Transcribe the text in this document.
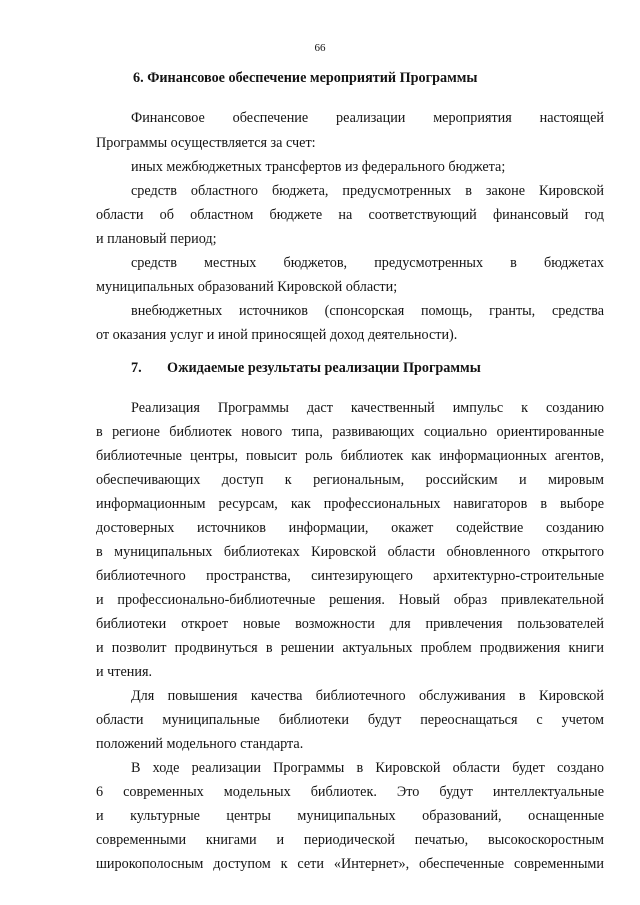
66
6. Финансовое обеспечение мероприятий Программы
Финансовое обеспечение реализации мероприятия настоящей
Программы осуществляется за счет:
иных межбюджетных трансфертов из федерального бюджета;
средств областного бюджета, предусмотренных в законе Кировской
области об областном бюджете на соответствующий финансовый год
и плановый период;
средств местных бюджетов, предусмотренных в бюджетах
муниципальных образований Кировской области;
внебюджетных источников (спонсорская помощь, гранты, средства
от оказания услуг и иной приносящей доход деятельности).
7. Ожидаемые результаты реализации Программы
Реализация Программы даст качественный импульс к созданию
в регионе библиотек нового типа, развивающих социально ориентированные
библиотечные центры, повысит роль библиотек как информационных агентов,
обеспечивающих доступ к региональным, российским и мировым
информационным ресурсам, как профессиональных навигаторов в выборе
достоверных источников информации, окажет содействие созданию
в муниципальных библиотеках Кировской области обновленного открытого
библиотечного пространства, синтезирующего архитектурно-строительные
и профессионально-библиотечные решения. Новый образ привлекательной
библиотеки откроет новые возможности для привлечения пользователей
и позволит продвинуться в решении актуальных проблем продвижения книги
и чтения.
Для повышения качества библиотечного обслуживания в Кировской
области муниципальные библиотеки будут переоснащаться с учетом
положений модельного стандарта.
В ходе реализации Программы в Кировской области будет создано
6 современных модельных библиотек. Это будут интеллектуальные
и культурные центры муниципальных образований, оснащенные
современными книгами и периодической печатью, высокоскоростным
широкополосным доступом к сети «Интернет», обеспеченные современными
